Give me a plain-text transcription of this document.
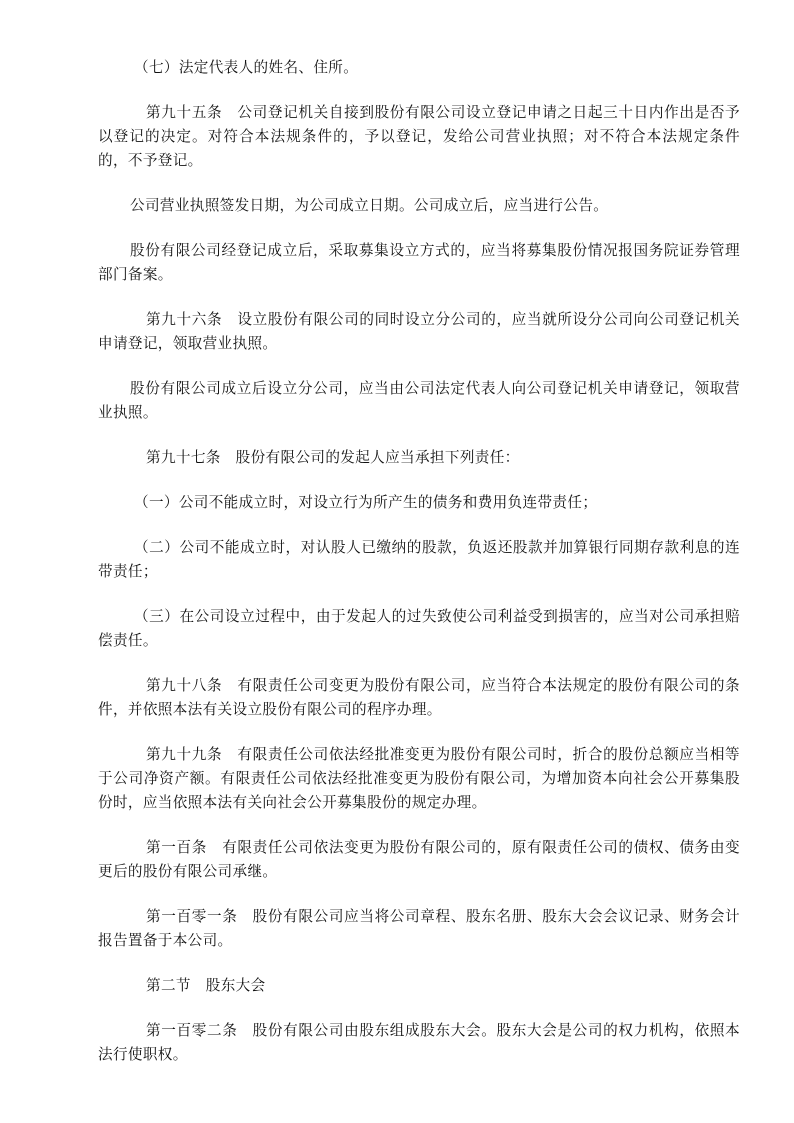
（七）法定代表人的姓名、住所。

第九十五条　公司登记机关自接到股份有限公司设立登记申请之日起三十日内作出是否予以登记的决定。对符合本法规条件的，予以登记，发给公司营业执照；对不符合本法规定条件的，不予登记。

公司营业执照签发日期，为公司成立日期。公司成立后，应当进行公告。

股份有限公司经登记成立后，采取募集设立方式的，应当将募集股份情况报国务院证券管理部门备案。

第九十六条　设立股份有限公司的同时设立分公司的，应当就所设分公司向公司登记机关申请登记，领取营业执照。

股份有限公司成立后设立分公司，应当由公司法定代表人向公司登记机关申请登记，领取营业执照。

第九十七条　股份有限公司的发起人应当承担下列责任：

（一）公司不能成立时，对设立行为所产生的债务和费用负连带责任；

（二）公司不能成立时，对认股人已缴纳的股款，负返还股款并加算银行同期存款利息的连带责任；

（三）在公司设立过程中，由于发起人的过失致使公司利益受到损害的，应当对公司承担赔偿责任。

第九十八条　有限责任公司变更为股份有限公司，应当符合本法规定的股份有限公司的条件，并依照本法有关设立股份有限公司的程序办理。

第九十九条　有限责任公司依法经批准变更为股份有限公司时，折合的股份总额应当相等于公司净资产额。有限责任公司依法经批准变更为股份有限公司，为增加资本向社会公开募集股份时，应当依照本法有关向社会公开募集股份的规定办理。

第一百条　有限责任公司依法变更为股份有限公司的，原有限责任公司的债权、债务由变更后的股份有限公司承继。

第一百零一条　股份有限公司应当将公司章程、股东名册、股东大会会议记录、财务会计报告置备于本公司。

第二节　股东大会

第一百零二条　股份有限公司由股东组成股东大会。股东大会是公司的权力机构，依照本法行使职权。
